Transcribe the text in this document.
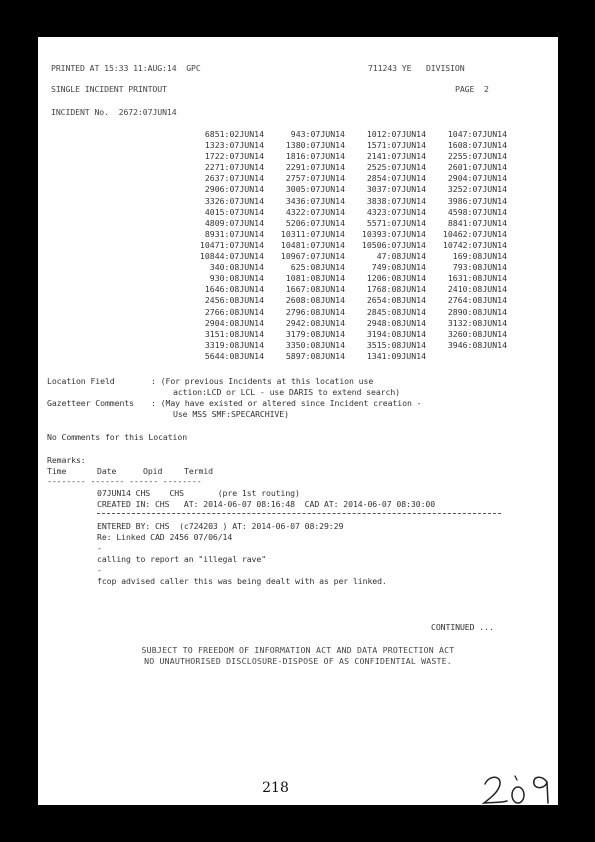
PRINTED AT 15:33 11:AUG:14  GPC	711243 YE   DIVISION
SINGLE INCIDENT PRINTOUT	PAGE  2
INCIDENT No.  2672:07JUN14
6851:02JUN14	943:07JUN14	1012:07JUN14	1047:07JUN14
1323:07JUN14	1380:07JUN14	1571:07JUN14	1608:07JUN14
1722:07JUN14	1816:07JUN14	2141:07JUN14	2255:07JUN14
2271:07JUN14	2291:07JUN14	2525:07JUN14	2601:07JUN14
2637:07JUN14	2757:07JUN14	2854:07JUN14	2904:07JUN14
2906:07JUN14	3005:07JUN14	3037:07JUN14	3252:07JUN14
3326:07JUN14	3436:07JUN14	3838:07JUN14	3986:07JUN14
4015:07JUN14	4322:07JUN14	4323:07JUN14	4598:07JUN14
4809:07JUN14	5206:07JUN14	5571:07JUN14	8841:07JUN14
8931:07JUN14	10311:07JUN14	10393:07JUN14	10462:07JUN14
10471:07JUN14	10481:07JUN14	10506:07JUN14	10742:07JUN14
10844:07JUN14	10967:07JUN14	47:08JUN14	169:08JUN14
340:08JUN14	625:08JUN14	749:08JUN14	793:08JUN14
930:08JUN14	1081:08JUN14	1206:08JUN14	1631:08JUN14
1646:08JUN14	1667:08JUN14	1768:08JUN14	2410:08JUN14
2456:08JUN14	2608:08JUN14	2654:08JUN14	2764:08JUN14
2766:08JUN14	2796:08JUN14	2845:08JUN14	2890:08JUN14
2904:08JUN14	2942:08JUN14	2948:08JUN14	3132:08JUN14
3151:08JUN14	3179:08JUN14	3194:08JUN14	3260:08JUN14
3319:08JUN14	3350:08JUN14	3515:08JUN14	3946:08JUN14
5644:08JUN14	5897:08JUN14	1341:09JUN14
Location Field	: (For previous Incidents at this location use
action:LCD or LCL - use DARIS to extend search)
Gazetteer Comments : (May have existed or altered since Incident creation -
Use MSS SMF:SPECARCHIVE)
No Comments for this Location
Remarks:
Time	Date	Opid	Termid
-------- ------- ------ --------
07JUN14 CHS    CHS       (pre 1st routing)
CREATED IN: CHS   AT: 2014-06-07 08:16:48  CAD AT: 2014-06-07 08:30:00
ENTERED BY: CHS  (c724203 ) AT: 2014-06-07 08:29:29
Re: Linked CAD 2456 07/06/14
-
calling to report an "illegal rave"
-
fcop advised caller this was being dealt with as per linked.
CONTINUED ...
SUBJECT TO FREEDOM OF INFORMATION ACT AND DATA PROTECTION ACT
NO UNAUTHORISED DISCLOSURE-DISPOSE OF AS CONFIDENTIAL WASTE.
218
